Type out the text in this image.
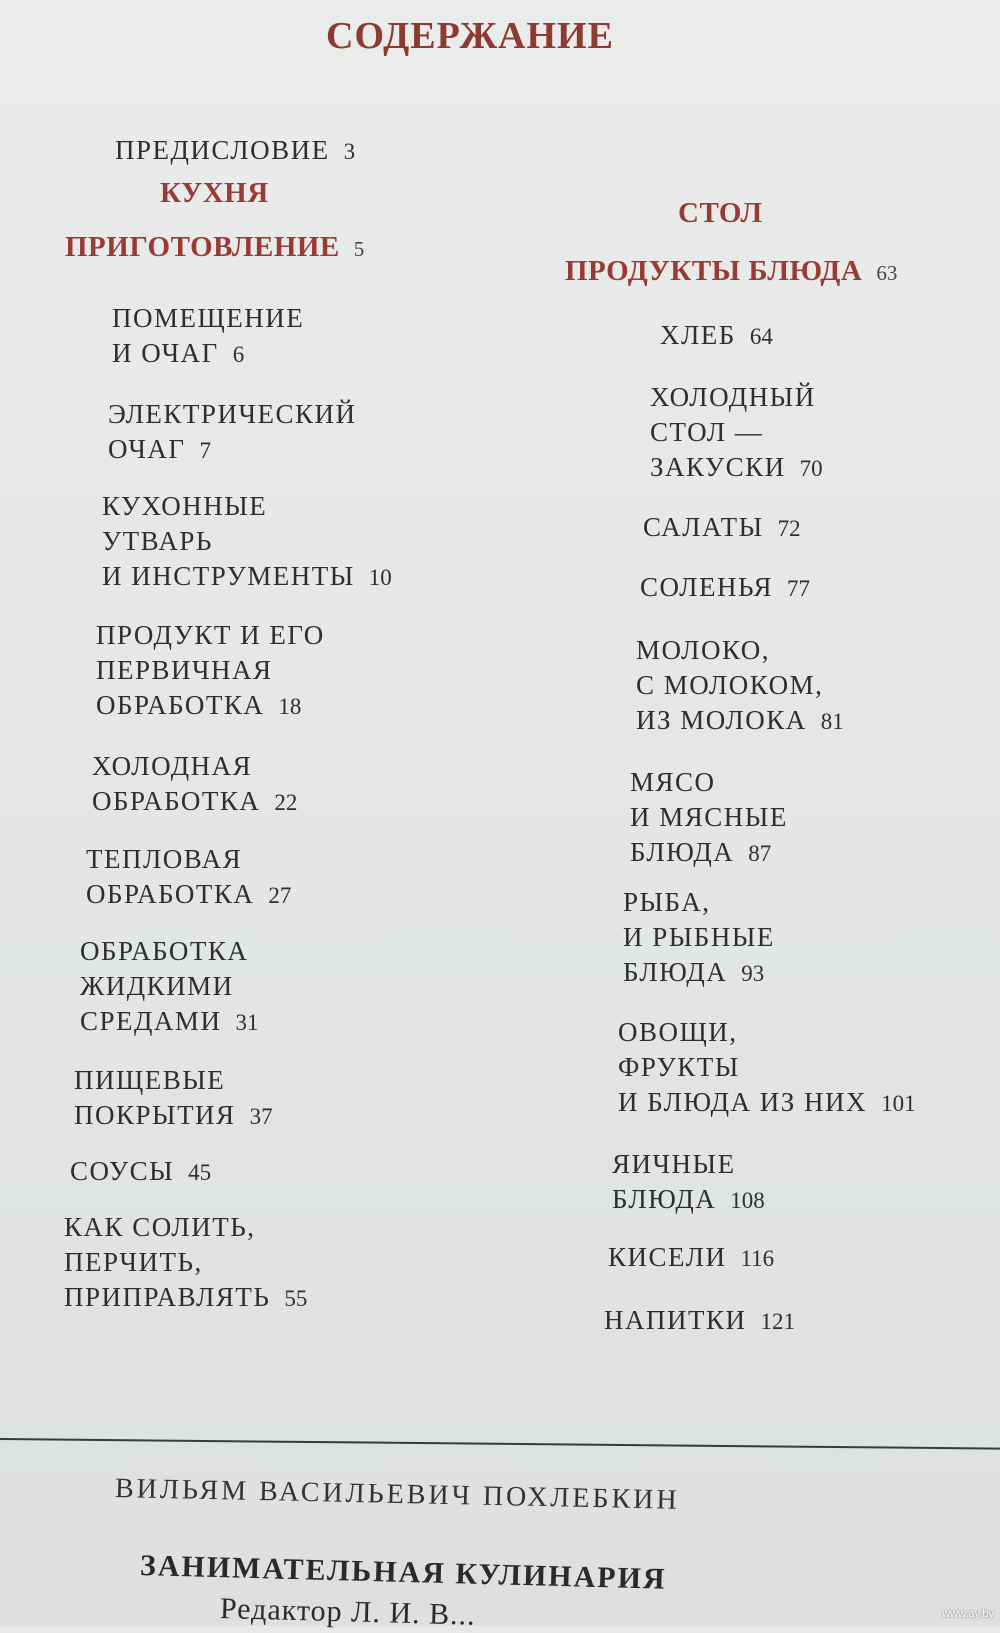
СОДЕРЖАНИЕ
ПРЕДИСЛОВИЕ 3
КУХНЯ
ПРИГОТОВЛЕНИЕ 5
СТОЛ
ПРОДУКТЫ БЛЮДА 63
ПОМЕЩЕНИЕ
И ОЧАГ 6
ЭЛЕКТРИЧЕСКИЙ
ОЧАГ 7
КУХОННЫЕ
УТВАРЬ
И ИНСТРУМЕНТЫ 10
ПРОДУКТ И ЕГО
ПЕРВИЧНАЯ
ОБРАБОТКА 18
ХОЛОДНАЯ
ОБРАБОТКА 22
ТЕПЛОВАЯ
ОБРАБОТКА 27
ОБРАБОТКА
ЖИДКИМИ
СРЕДАМИ 31
ПИЩЕВЫЕ
ПОКРЫТИЯ 37
СОУСЫ 45
КАК СОЛИТЬ,
ПЕРЧИТЬ,
ПРИПРАВЛЯТЬ 55
ХЛЕБ 64
ХОЛОДНЫЙ
СТОЛ —
ЗАКУСКИ 70
САЛАТЫ 72
СОЛЕНЬЯ 77
МОЛОКО,
С МОЛОКОМ,
ИЗ МОЛОКА 81
МЯСО
И МЯСНЫЕ
БЛЮДА 87
РЫБА,
И РЫБНЫЕ
БЛЮДА 93
ОВОЩИ,
ФРУКТЫ
И БЛЮДА ИЗ НИХ 101
ЯИЧНЫЕ
БЛЮДА 108
КИСЕЛИ 116
НАПИТКИ 121
ВИЛЬЯМ ВАСИЛЬЕВИЧ ПОХЛЕБКИН
ЗАНИМАТЕЛЬНАЯ КУЛИНАРИЯ
Редактор Л. И. В...	www.ay.by
